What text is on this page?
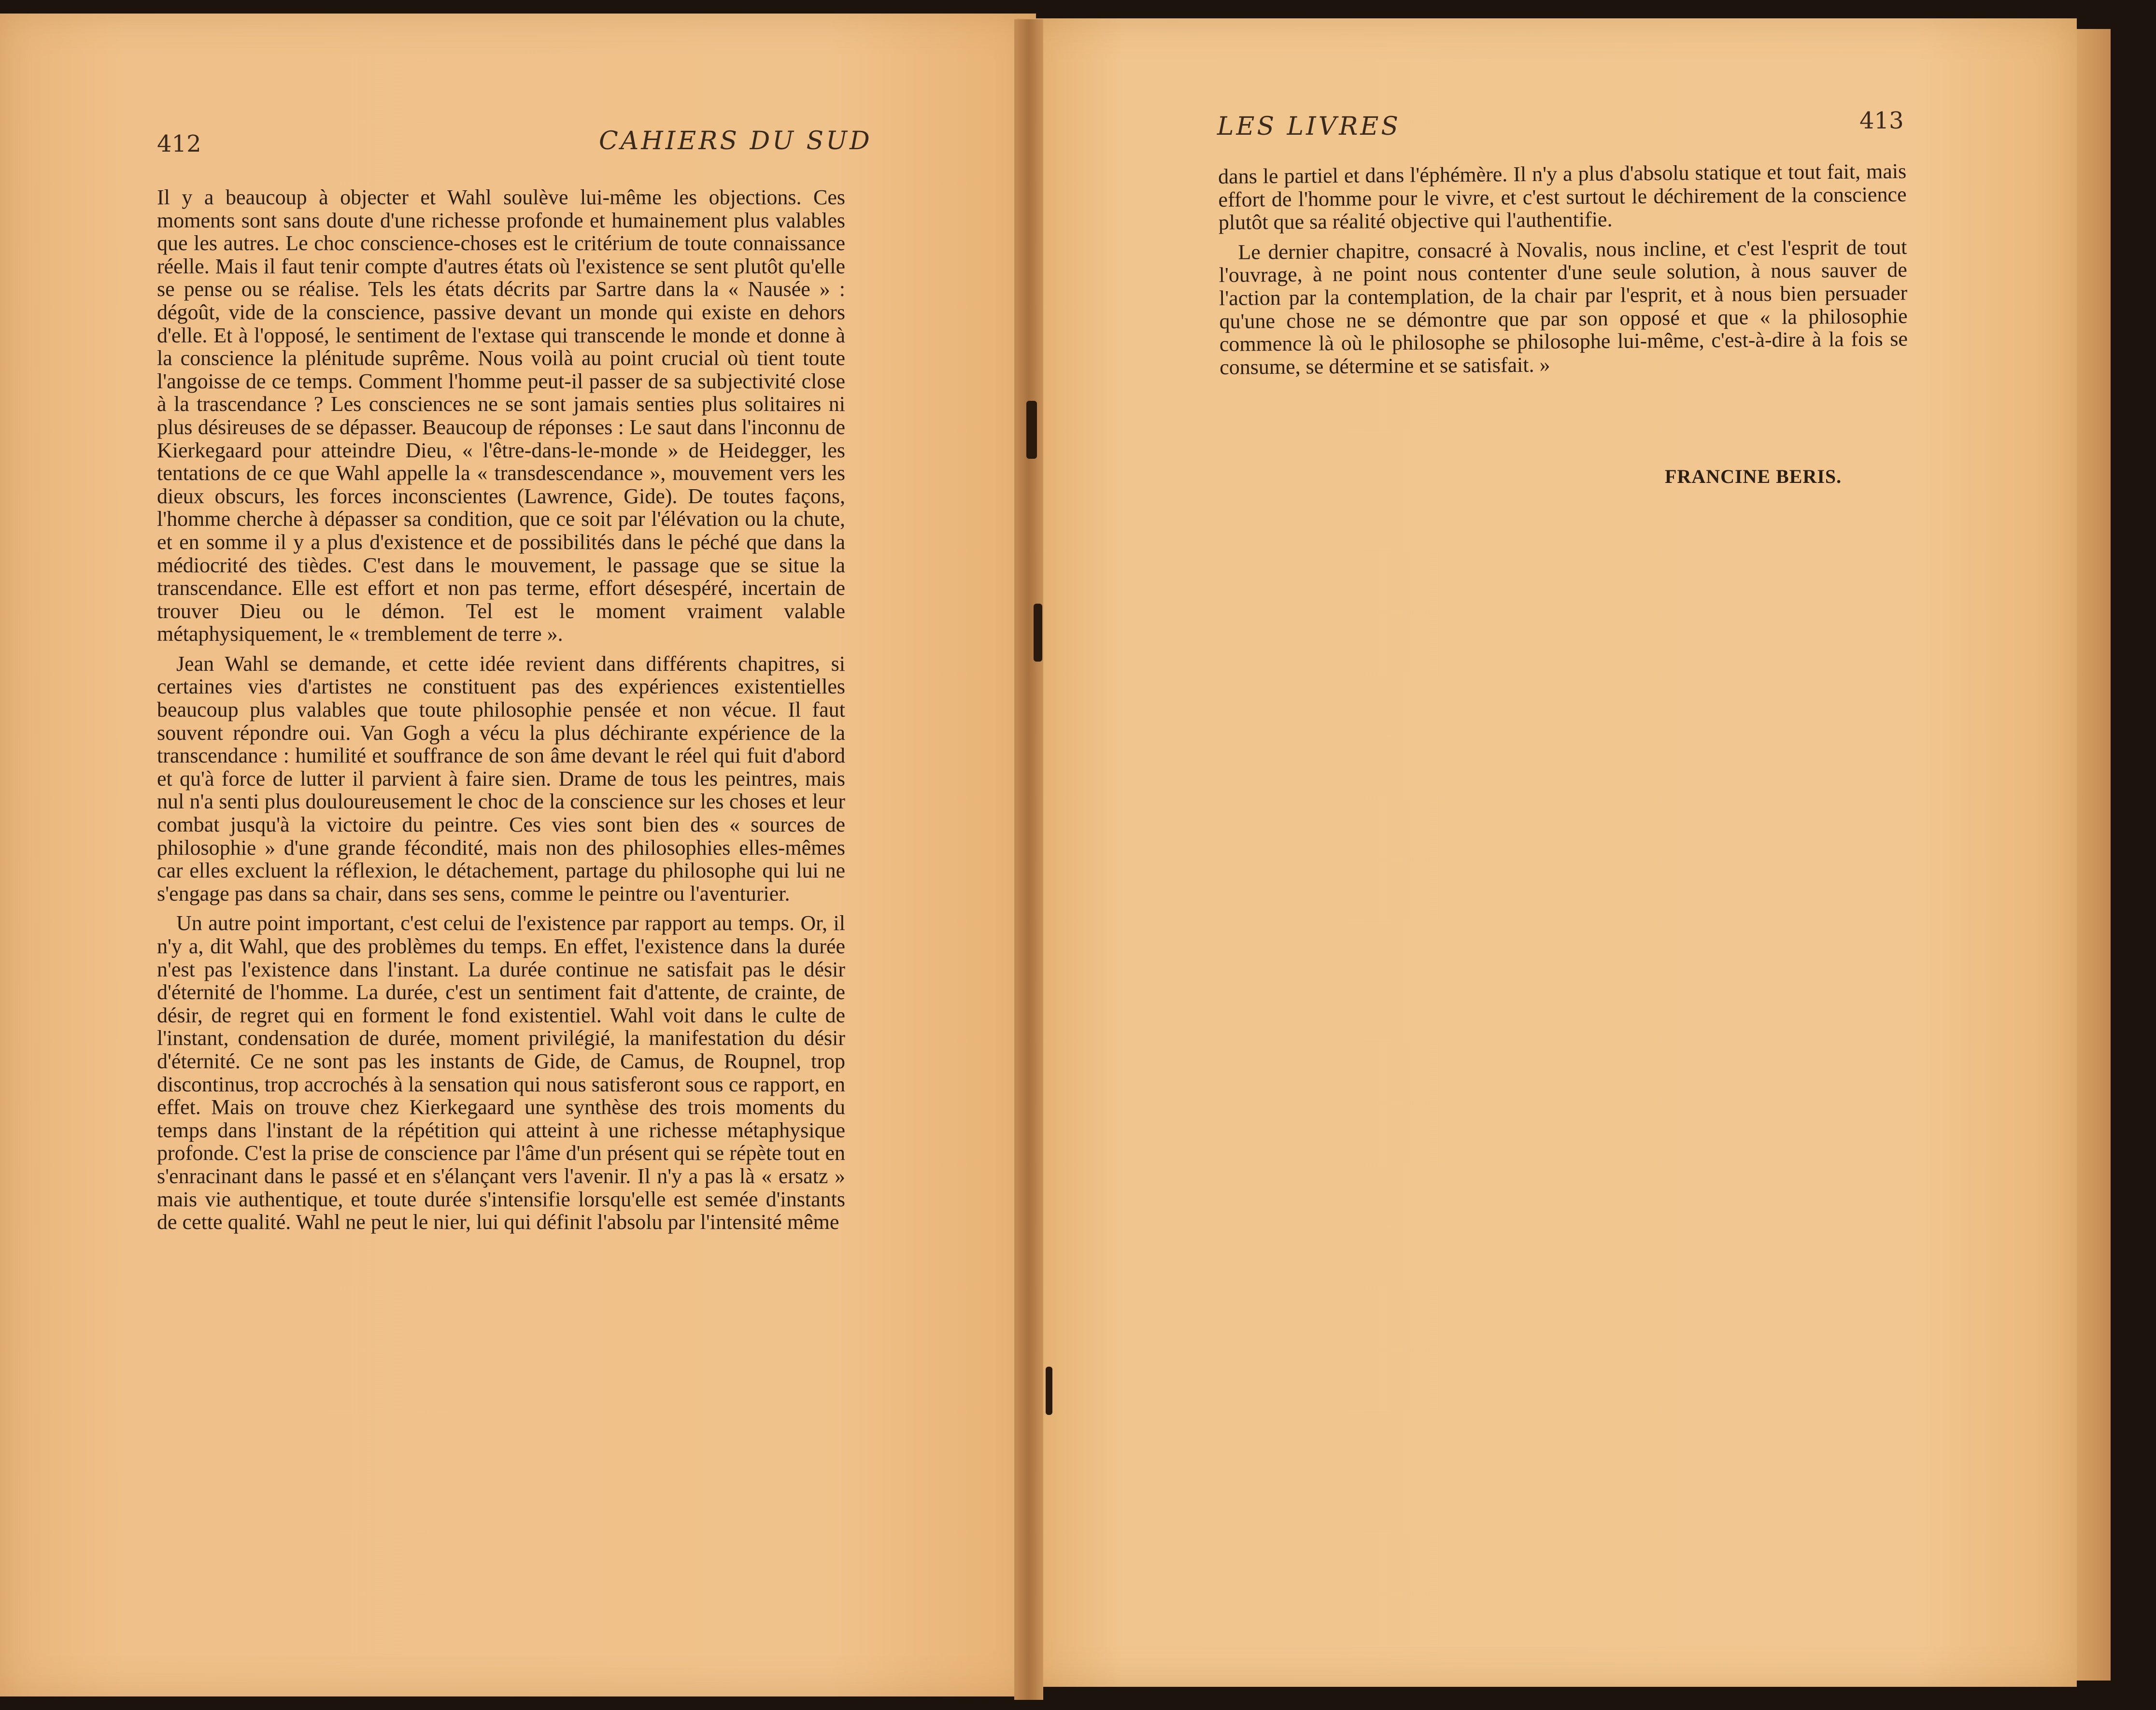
412	CAHIERS DU SUD

Il y a beaucoup à objecter et Wahl soulève lui-même les objections. Ces moments sont sans doute d'une richesse profonde et humainement plus valables que les autres. Le choc conscience-choses est le critérium de toute connaissance réelle. Mais il faut tenir compte d'autres états où l'existence se sent plutôt qu'elle se pense ou se réalise. Tels les états décrits par Sartre dans la « Nausée » : dégoût, vide de la conscience, passive devant un monde qui existe en dehors d'elle. Et à l'opposé, le sentiment de l'extase qui transcende le monde et donne à la conscience la plénitude suprême. Nous voilà au point crucial où tient toute l'angoisse de ce temps. Comment l'homme peut-il passer de sa subjectivité close à la trascendance ? Les consciences ne se sont jamais senties plus solitaires ni plus désireuses de se dépasser. Beaucoup de réponses : Le saut dans l'inconnu de Kierkegaard pour atteindre Dieu, « l'être-dans-le-monde » de Heidegger, les tentations de ce que Wahl appelle la « transdescendance », mouvement vers les dieux obscurs, les forces inconscientes (Lawrence, Gide). De toutes façons, l'homme cherche à dépasser sa condition, que ce soit par l'élévation ou la chute, et en somme il y a plus d'existence et de possibilités dans le péché que dans la médiocrité des tièdes. C'est dans le mouvement, le passage que se situe la transcendance. Elle est effort et non pas terme, effort désespéré, incertain de trouver Dieu ou le démon. Tel est le moment vraiment valable métaphysiquement, le « tremblement de terre ».

Jean Wahl se demande, et cette idée revient dans différents chapitres, si certaines vies d'artistes ne constituent pas des expériences existentielles beaucoup plus valables que toute philosophie pensée et non vécue. Il faut souvent répondre oui. Van Gogh a vécu la plus déchirante expérience de la transcendance : humilité et souffrance de son âme devant le réel qui fuit d'abord et qu'à force de lutter il parvient à faire sien. Drame de tous les peintres, mais nul n'a senti plus douloureusement le choc de la conscience sur les choses et leur combat jusqu'à la victoire du peintre. Ces vies sont bien des « sources de philosophie » d'une grande fécondité, mais non des philosophies elles-mêmes car elles excluent la réflexion, le détachement, partage du philosophe qui lui ne s'engage pas dans sa chair, dans ses sens, comme le peintre ou l'aventurier.

Un autre point important, c'est celui de l'existence par rapport au temps. Or, il n'y a, dit Wahl, que des problèmes du temps. En effet, l'existence dans la durée n'est pas l'existence dans l'instant. La durée continue ne satisfait pas le désir d'éternité de l'homme. La durée, c'est un sentiment fait d'attente, de crainte, de désir, de regret qui en forment le fond existentiel. Wahl voit dans le culte de l'instant, condensation de durée, moment privilégié, la manifestation du désir d'éternité. Ce ne sont pas les instants de Gide, de Camus, de Roupnel, trop discontinus, trop accrochés à la sensation qui nous satisferont sous ce rapport, en effet. Mais on trouve chez Kierkegaard une synthèse des trois moments du temps dans l'instant de la répétition qui atteint à une richesse métaphysique profonde. C'est la prise de conscience par l'âme d'un présent qui se répète tout en s'enracinant dans le passé et en s'élançant vers l'avenir. Il n'y a pas là « ersatz » mais vie authentique, et toute durée s'intensifie lorsqu'elle est semée d'instants de cette qualité. Wahl ne peut le nier, lui qui définit l'absolu par l'intensité même

LES LIVRES	413

dans le partiel et dans l'éphémère. Il n'y a plus d'absolu statique et tout fait, mais effort de l'homme pour le vivre, et c'est surtout le déchirement de la conscience plutôt que sa réalité objective qui l'authentifie.

Le dernier chapitre, consacré à Novalis, nous incline, et c'est l'esprit de tout l'ouvrage, à ne point nous contenter d'une seule solution, à nous sauver de l'action par la contemplation, de la chair par l'esprit, et à nous bien persuader qu'une chose ne se démontre que par son opposé et que « la philosophie commence là où le philosophe se philosophe lui-même, c'est-à-dire à la fois se consume, se détermine et se satisfait. »

FRANCINE BERIS.
